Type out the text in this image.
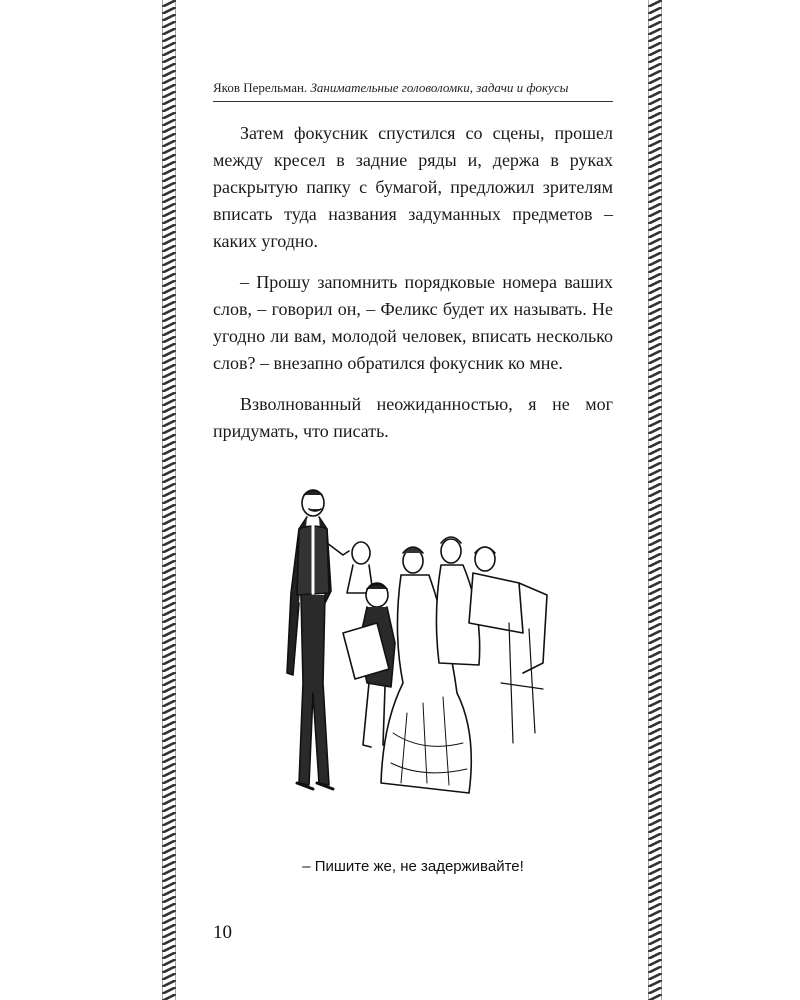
Яков Перельман. Занимательные головоломки, задачи и фокусы

Затем фокусник спустился со сцены, прошел между кресел в задние ряды и, держа в руках раскрытую папку с бумагой, предложил зрителям вписать туда названия задуманных предметов – каких угодно.

– Прошу запомнить порядковые номера ваших слов, – говорил он, – Феликс будет их называть. Не угодно ли вам, молодой человек, вписать несколько слов? – внезапно обратился фокусник ко мне.

Взволнованный неожиданностью, я не мог придумать, что писать.

– Пишите же, не задерживайте!
10
